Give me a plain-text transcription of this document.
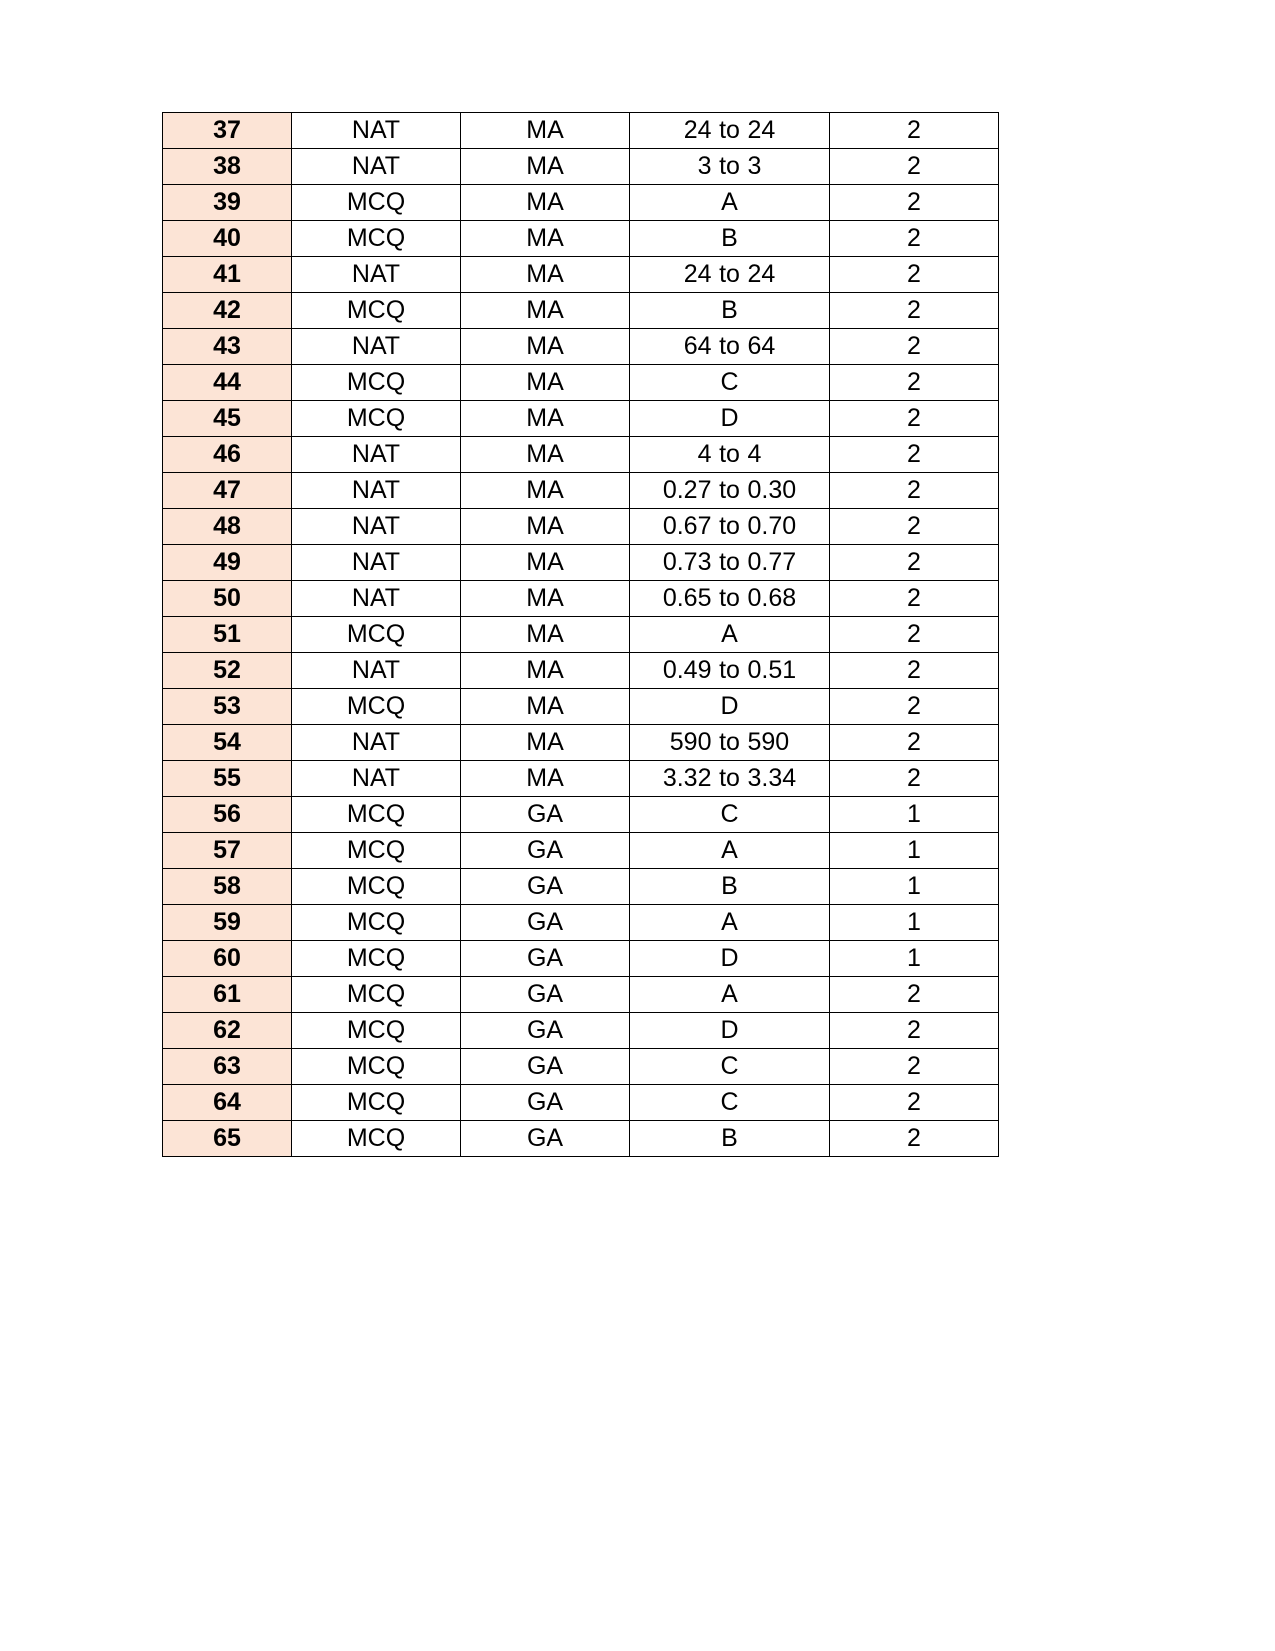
37	NAT	MA	24 to 24	2
38	NAT	MA	3 to 3	2
39	MCQ	MA	A	2
40	MCQ	MA	B	2
41	NAT	MA	24 to 24	2
42	MCQ	MA	B	2
43	NAT	MA	64 to 64	2
44	MCQ	MA	C	2
45	MCQ	MA	D	2
46	NAT	MA	4 to 4	2
47	NAT	MA	0.27 to 0.30	2
48	NAT	MA	0.67 to 0.70	2
49	NAT	MA	0.73 to 0.77	2
50	NAT	MA	0.65 to 0.68	2
51	MCQ	MA	A	2
52	NAT	MA	0.49 to 0.51	2
53	MCQ	MA	D	2
54	NAT	MA	590 to 590	2
55	NAT	MA	3.32 to 3.34	2
56	MCQ	GA	C	1
57	MCQ	GA	A	1
58	MCQ	GA	B	1
59	MCQ	GA	A	1
60	MCQ	GA	D	1
61	MCQ	GA	A	2
62	MCQ	GA	D	2
63	MCQ	GA	C	2
64	MCQ	GA	C	2
65	MCQ	GA	B	2
